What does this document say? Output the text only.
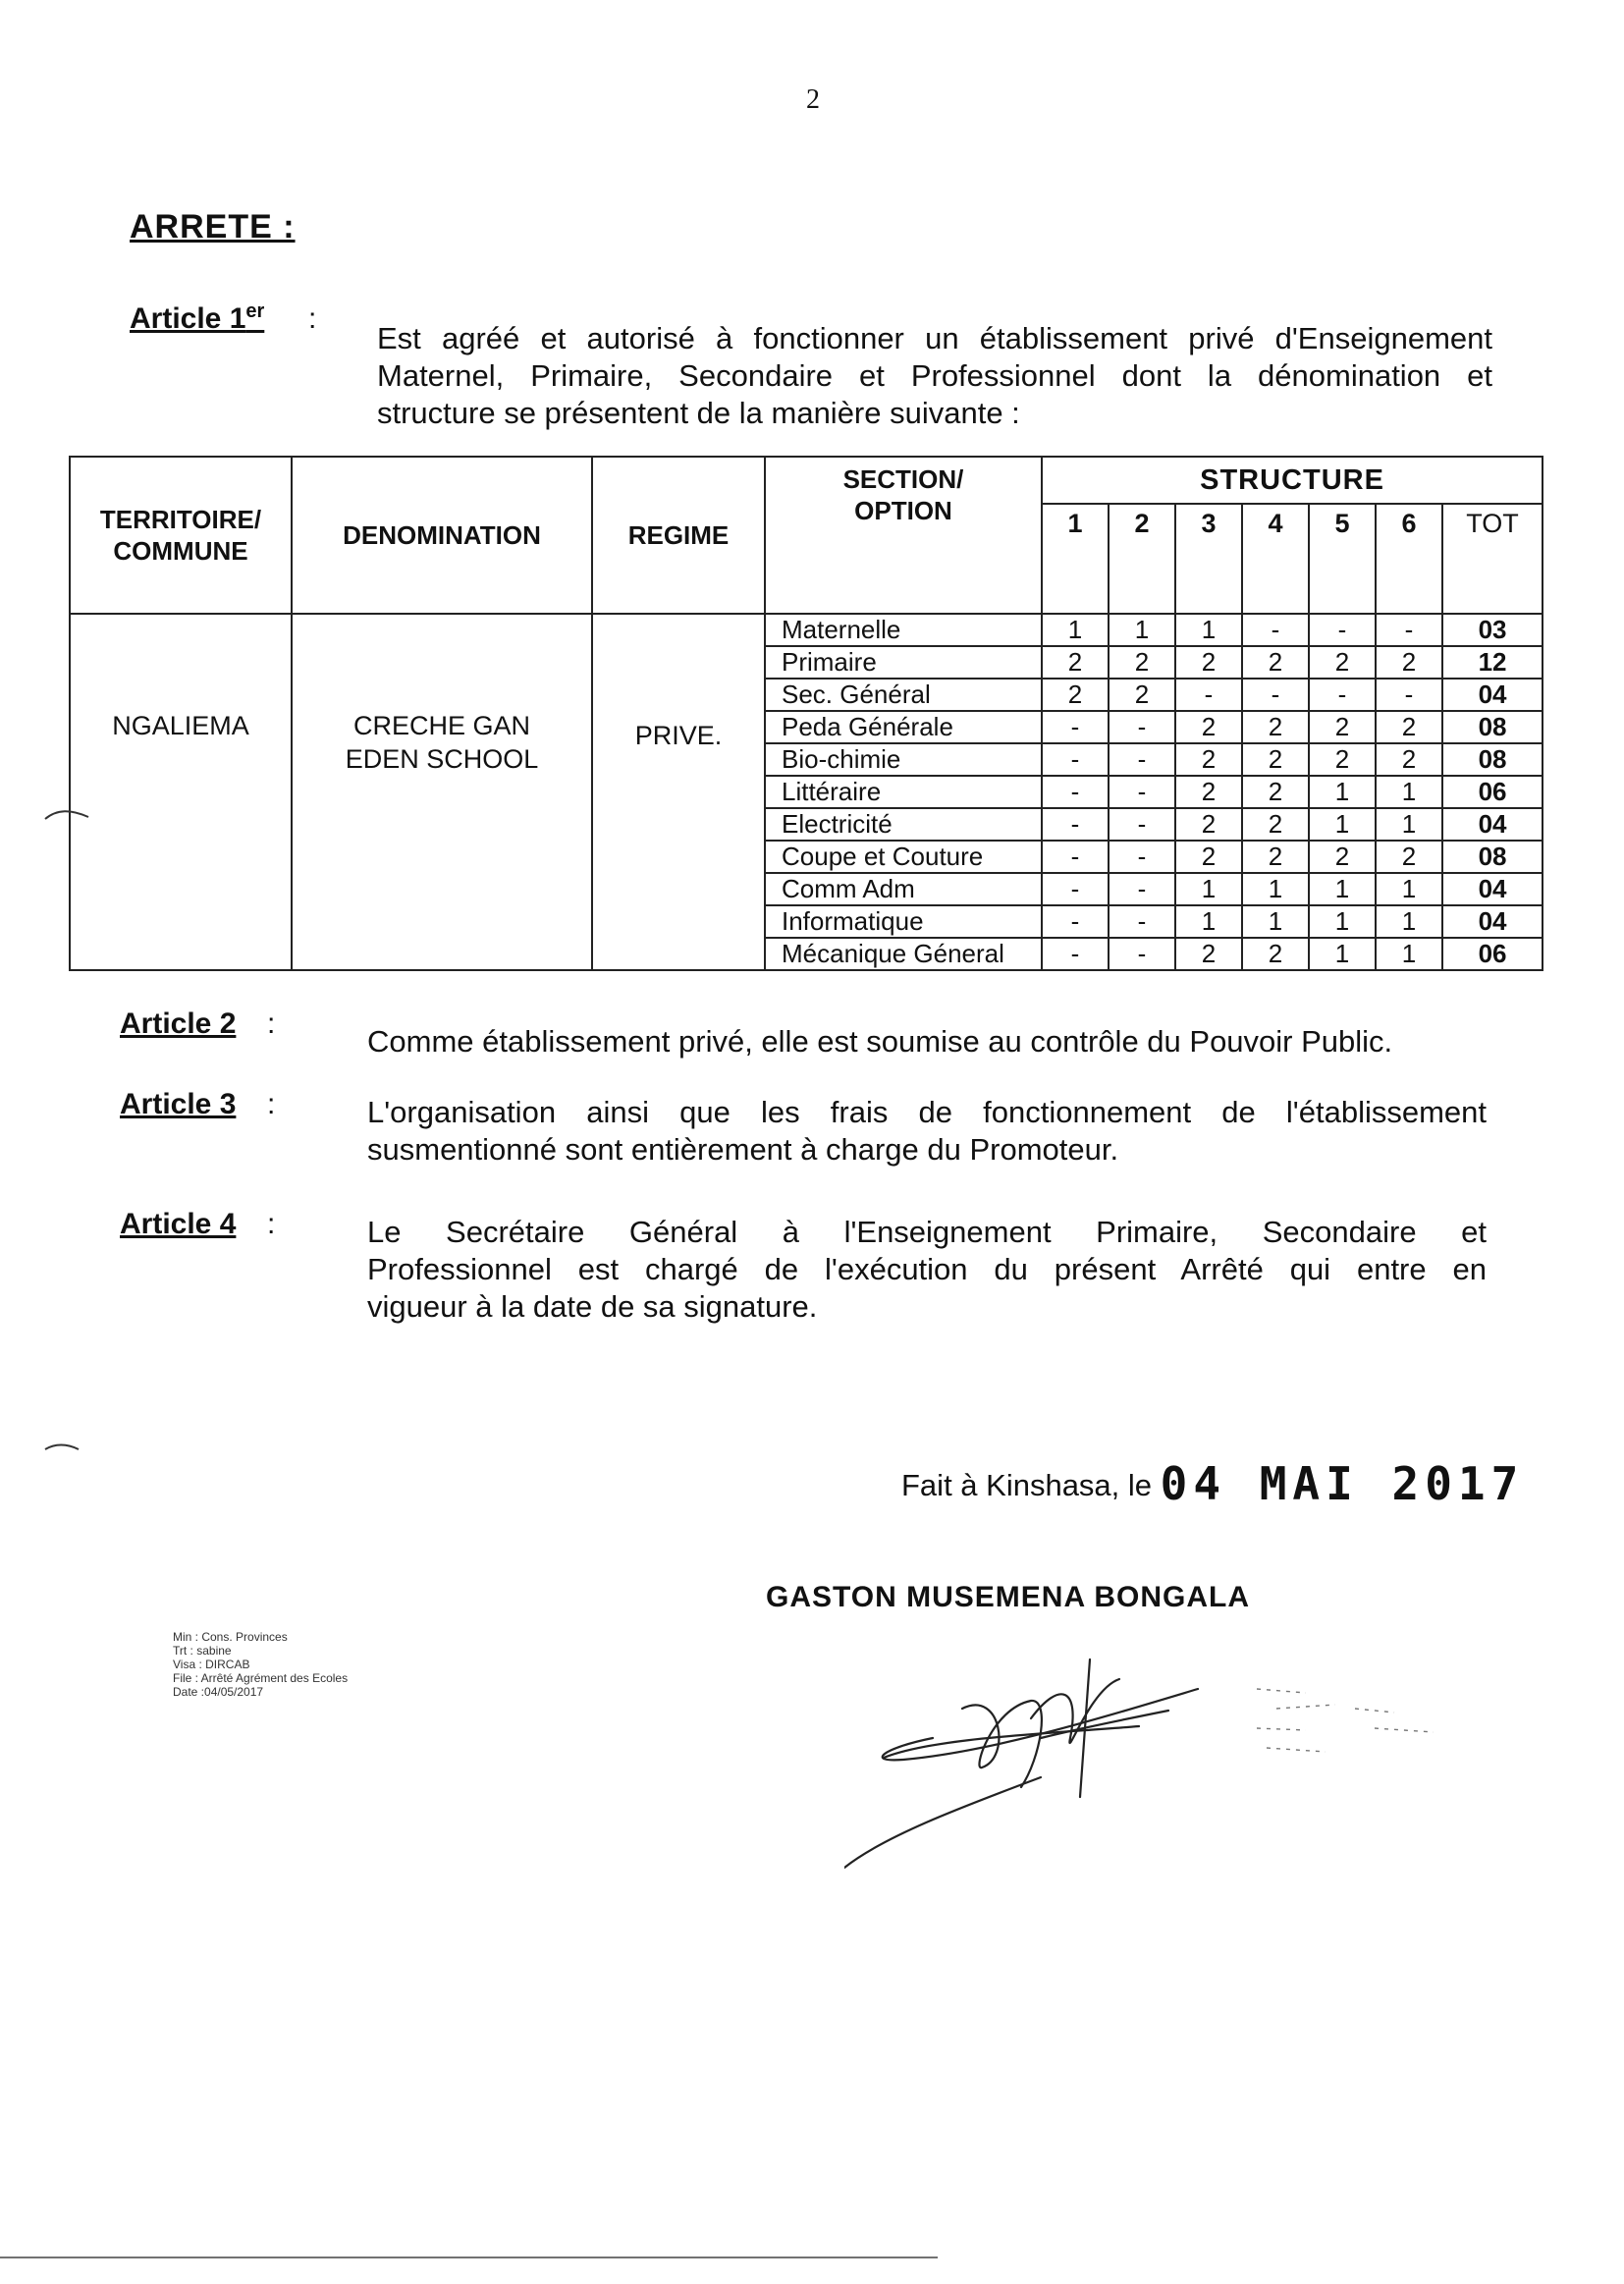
2
ARRETE :
Article 1er :
Est agréé et autorisé à fonctionner un établissement privé d'Enseignement
Maternel, Primaire, Secondaire et Professionnel dont la dénomination et
structure se présentent de la manière suivante :
TERRITOIRE/
COMMUNE	DENOMINATION	REGIME	SECTION/
OPTION	STRUCTURE						
				1	2	3	4	5	6	TOT
NGALIEMA	CRECHE GAN
EDEN SCHOOL	PRIVE.	Maternelle	1	1	1	-	-	-	03
			Primaire	2	2	2	2	2	2	12
			Sec. Général	2	2	-	-	-	-	04
			Peda Générale	-	-	2	2	2	2	08
			Bio-chimie	-	-	2	2	2	2	08
			Littéraire	-	-	2	2	1	1	06
			Electricité	-	-	2	2	1	1	04
			Coupe et Couture	-	-	2	2	2	2	08
			Comm Adm	-	-	1	1	1	1	04
			Informatique	-	-	1	1	1	1	04
			Mécanique Géneral	-	-	2	2	1	1	06
Article 2 :
Comme établissement privé, elle est soumise au contrôle du Pouvoir Public.
Article 3 :	L'organisation ainsi que les frais de fonctionnement de l'établissement
susmentionné sont entièrement à charge du Promoteur.
Article 4 :	Le Secrétaire Général à l'Enseignement Primaire, Secondaire et
Professionnel est chargé de l'exécution du présent Arrêté qui entre en
vigueur à la date de sa signature.
Fait à Kinshasa, le 04 MAI 2017
GASTON MUSEMENA BONGALA
Min : Cons. Provinces
Trt : sabine
Visa : DIRCAB
File : Arrêté Agrément des Ecoles
Date :04/05/2017
